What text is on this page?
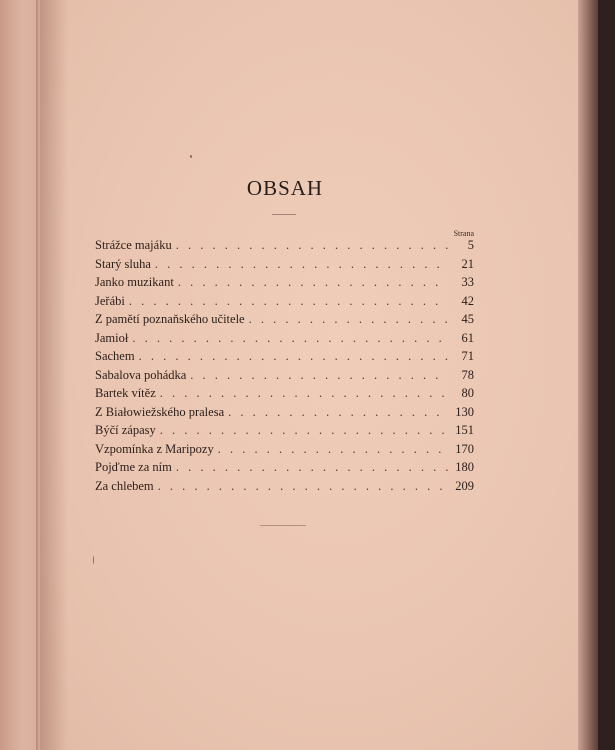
OBSAH
Strana
Strážce majáku . . .	5
Starý sluha . . .	21
Janko muzikant . . .	33
Jeřábi . . .	42
Z pamětí poznaňského učitele . . .	45
Jamioł . . .	61
Sachem . . .	71
Sabalova pohádka . . .	78
Bartek vítěz . . .	80
Z Białowiežského pralesa . . .	130
Býčí zápasy . . .	151
Vzpomínka z Maripozy . . .	170
Pojďme za ním . . .	180
Za chlebem . . .	209
